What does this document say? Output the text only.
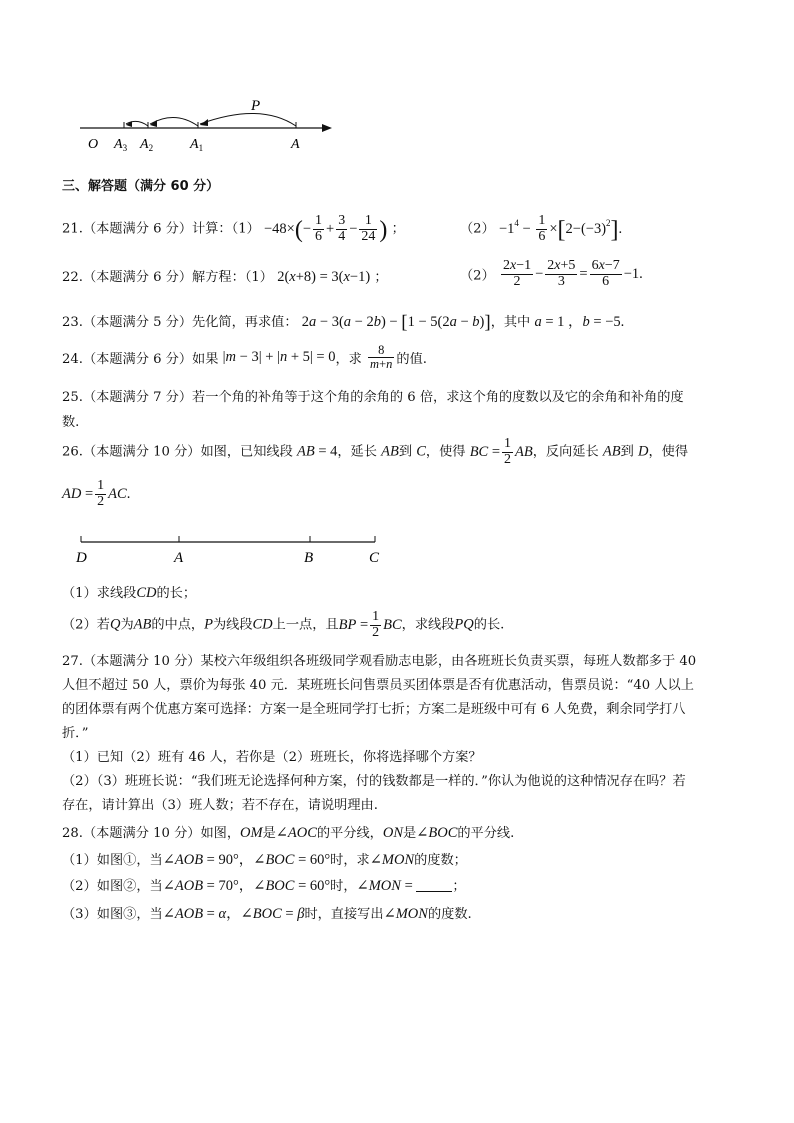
P
O $A_3$ $A_2$	$A_1$	A
三、解答题（满分 60 分）
21.（本题满分 6 分）计算：$(1) -48\times(- \frac{1}{6} + \frac{3}{4} - \frac{1}{24}$ ) ；	$(2) -1^4 - \frac{1}{6} \times[2-(-3)^2]$.
22.（本题满分 6 分）解方程：（1） 2(x+8) = 3(x−1) ；	$(2) \frac{2x-1}{2} - \frac{2x+5}{3} = \frac{6x-7}{6} -1$.
23.（本题满分 5 分）先化简，再求值： 2a − 3(a − 2b) − [1 − 5(2a − b)]，其中 a = 1 ，b = −5.
24.（本题满分 6 分）如果 |m − 3| + |n + 5| = 0，求 $\frac{8}{m+n}$ 的值.
25.（本题满分 7 分）若一个角的补角等于这个角的余角的 6 倍，求这个角的度数以及它的余角和补角的度
数.
26.（本题满分 10 分）如图，已知线段 AB = 4，延长 AB到 C，使得 BC = $\frac{1}{2}$ AB，反向延长 AB到 D，使得
AD = $\frac{1}{2}$ AC.
D	A	B	C
（1）求线段CD的长；
（2）若Q为AB的中点，P为线段CD上一点，且BP = $\frac{1}{2}$ BC，求线段PQ的长.
27.（本题满分 10 分）某校六年级组织各班级同学观看励志电影，由各班班长负责买票，每班人数都多于 40
人但不超过 50 人，票价为每张 40 元．某班班长问售票员买团体票是否有优惠活动，售票员说：“40 人以上
的团体票有两个优惠方案可选择：方案一是全班同学打七折；方案二是班级中可有 6 人免费，剩余同学打八
折．”
（1）已知（2）班有 46 人，若你是（2）班班长，你将选择哪个方案？
（2）（3）班班长说：“我们班无论选择何种方案，付的钱数都是一样的．”你认为他说的这种情况存在吗？若
存在，请计算出（3）班人数；若不存在，请说明理由.
28.（本题满分 10 分）如图，OM是∠AOC的平分线，ON是∠BOC的平分线.
（1）如图①，当∠AOB = 90°，∠BOC = 60°时，求∠MON的度数；
（2）如图②，当∠AOB = 70°，∠BOC = 60°时，∠MON =	；
（3）如图③，当∠AOB = α，∠BOC = β时，直接写出∠MON的度数.
